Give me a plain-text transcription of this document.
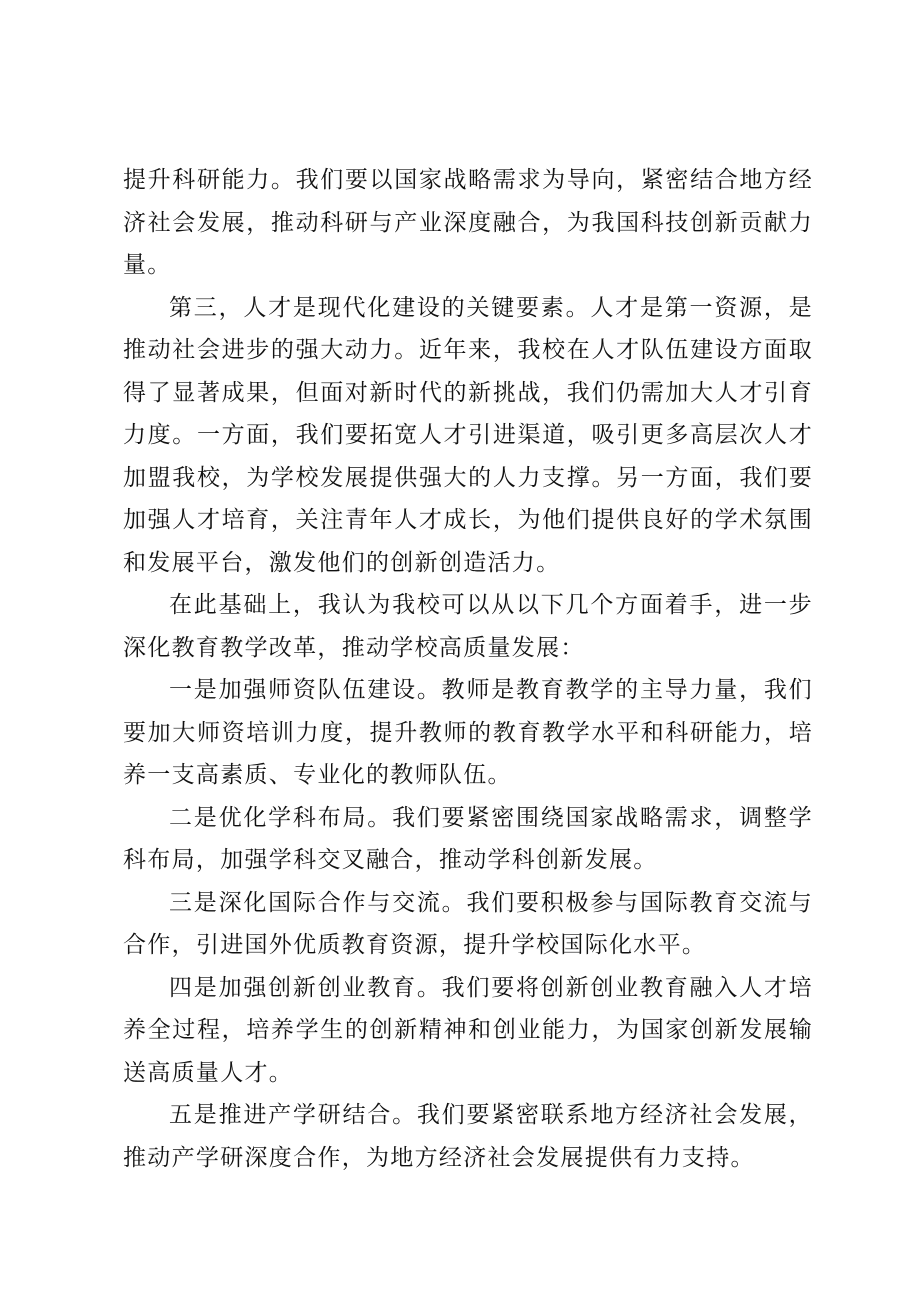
提升科研能力。我们要以国家战略需求为导向，紧密结合地方经济社会发展，推动科研与产业深度融合，为我国科技创新贡献力量。

第三，人才是现代化建设的关键要素。人才是第一资源，是推动社会进步的强大动力。近年来，我校在人才队伍建设方面取得了显著成果，但面对新时代的新挑战，我们仍需加大人才引育力度。一方面，我们要拓宽人才引进渠道，吸引更多高层次人才加盟我校，为学校发展提供强大的人力支撑。另一方面，我们要加强人才培育，关注青年人才成长，为他们提供良好的学术氛围和发展平台，激发他们的创新创造活力。

在此基础上，我认为我校可以从以下几个方面着手，进一步深化教育教学改革，推动学校高质量发展：

一是加强师资队伍建设。教师是教育教学的主导力量，我们要加大师资培训力度，提升教师的教育教学水平和科研能力，培养一支高素质、专业化的教师队伍。

二是优化学科布局。我们要紧密围绕国家战略需求，调整学科布局，加强学科交叉融合，推动学科创新发展。

三是深化国际合作与交流。我们要积极参与国际教育交流与合作，引进国外优质教育资源，提升学校国际化水平。

四是加强创新创业教育。我们要将创新创业教育融入人才培养全过程，培养学生的创新精神和创业能力，为国家创新发展输送高质量人才。

五是推进产学研结合。我们要紧密联系地方经济社会发展，推动产学研深度合作，为地方经济社会发展提供有力支持。
